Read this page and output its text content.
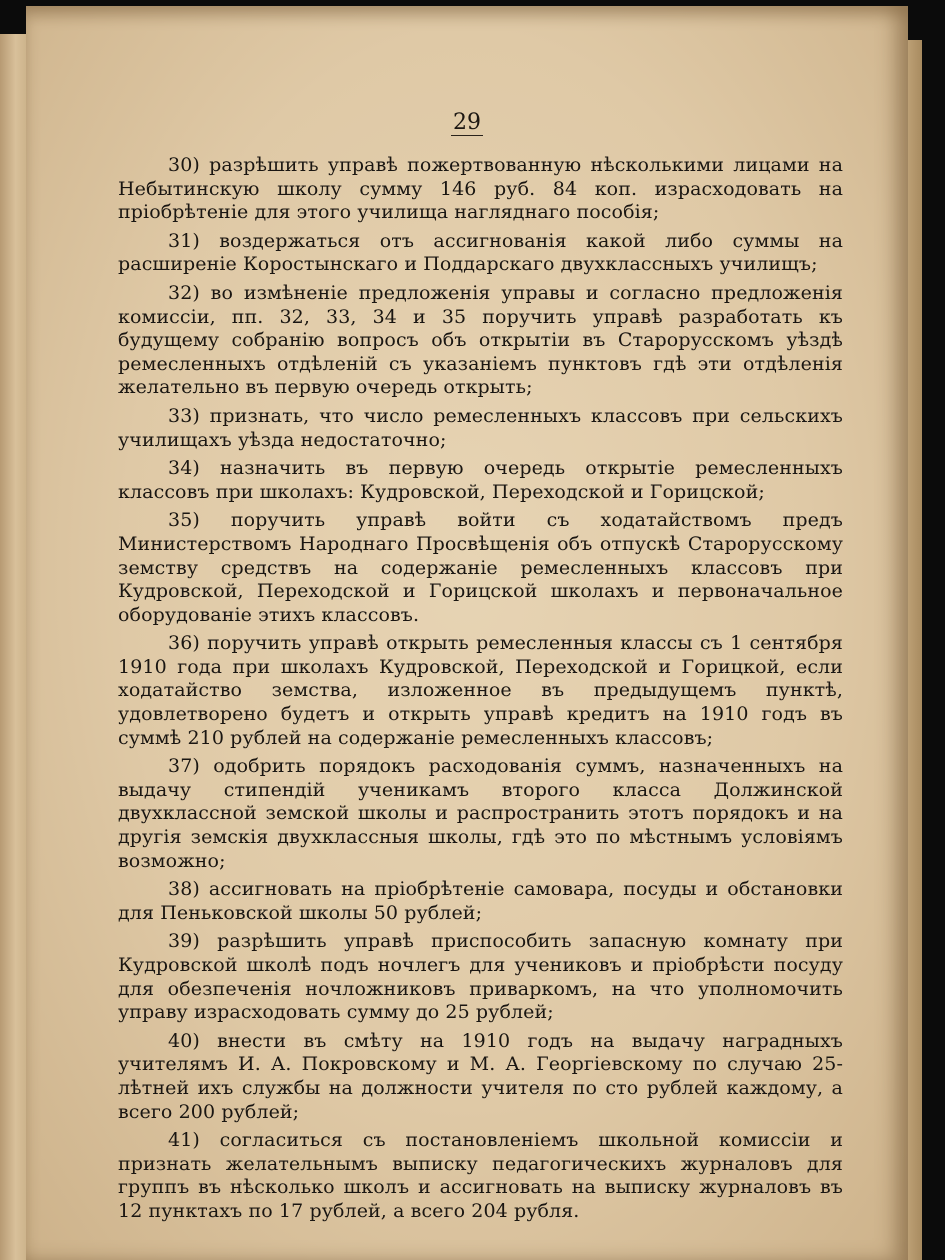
29

30) разрѣшить управѣ пожертвованную нѣсколькими лицами на Небытинскую школу сумму 146 руб. 84 коп. израсходовать на пріобрѣтеніе для этого училища нагляднаго пособія;

31) воздержаться отъ ассигнованія какой либо суммы на расширеніе Коростынскаго и Поддарскаго двухклассныхъ училищъ;

32) во измѣненіе предложенія управы и согласно предложенія комиссіи, пп. 32, 33, 34 и 35 поручить управѣ разработать къ будущему собранію вопросъ объ открытіи въ Старорусскомъ уѣздѣ ремесленныхъ отдѣленій съ указаніемъ пунктовъ гдѣ эти отдѣленія желательно въ первую очередь открыть;

33) признать, что число ремесленныхъ классовъ при сельскихъ училищахъ уѣзда недостаточно;

34) назначить въ первую очередь открытіе ремесленныхъ классовъ при школахъ: Кудровской, Переходской и Горицской;

35) поручить управѣ войти съ ходатайствомъ предъ Министерствомъ Народнаго Просвѣщенія объ отпускѣ Старорусскому земству средствъ на содержаніе ремесленныхъ классовъ при Кудровской, Переходской и Горицской школахъ и первоначальное оборудованіе этихъ классовъ.

36) поручить управѣ открыть ремесленныя классы съ 1 сентября 1910 года при школахъ Кудровской, Переходской и Горицкой, если ходатайство земства, изложенное въ предыдущемъ пунктѣ, удовлетворено будетъ и открыть управѣ кредитъ на 1910 годъ въ суммѣ 210 рублей на содержаніе ремесленныхъ классовъ;

37) одобрить порядокъ расходованія суммъ, назначенныхъ на выдачу стипендій ученикамъ второго класса Должинской двухклассной земской школы и распространить этотъ порядокъ и на другія земскія двухклассныя школы, гдѣ это по мѣстнымъ условіямъ возможно;

38) ассигновать на пріобрѣтеніе самовара, посуды и обстановки для Пеньковской школы 50 рублей;

39) разрѣшить управѣ приспособить запасную комнату при Кудровской школѣ подъ ночлегъ для учениковъ и пріобрѣсти посуду для обезпеченія ночложниковъ приваркомъ, на что уполномочить управу израсходовать сумму до 25 рублей;

40) внести въ смѣту на 1910 годъ на выдачу наградныхъ учителямъ И. А. Покровскому и М. А. Георгіевскому по случаю 25-лѣтней ихъ службы на должности учителя по сто рублей каждому, а всего 200 рублей;

41) согласиться съ постановленіемъ школьной комиссіи и признать желательнымъ выписку педагогическихъ журналовъ для группъ въ нѣсколько школъ и ассигновать на выписку журналовъ въ 12 пунктахъ по 17 рублей, а всего 204 рубля.
